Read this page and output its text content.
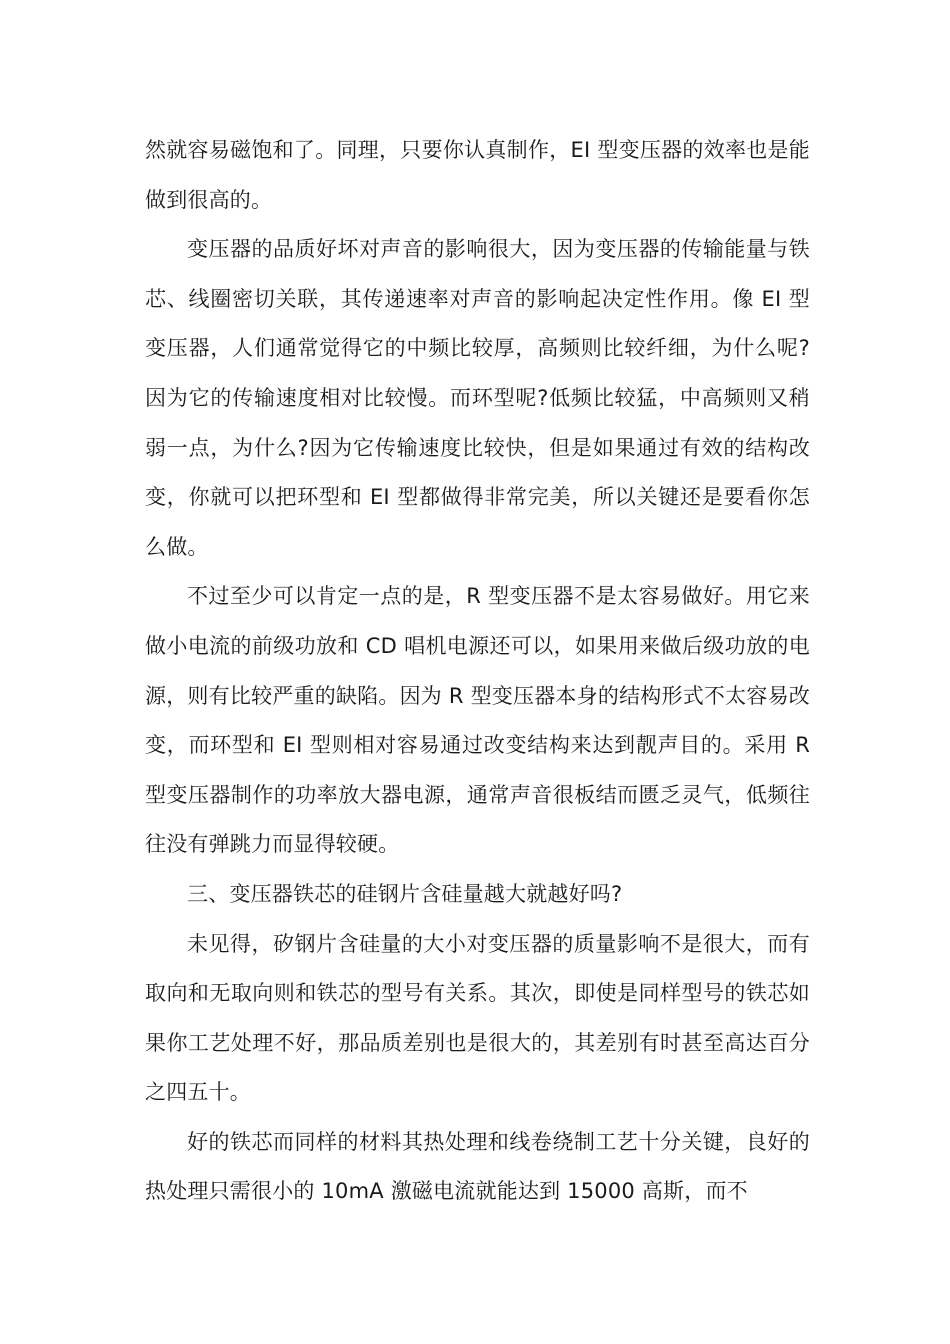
然就容易磁饱和了。同理，只要你认真制作，EI 型变压器的效率也是能做到很高的。

变压器的品质好坏对声音的影响很大，因为变压器的传输能量与铁芯、线圈密切关联，其传递速率对声音的影响起决定性作用。像 EI 型变压器，人们通常觉得它的中频比较厚，高频则比较纤细，为什么呢?因为它的传输速度相对比较慢。而环型呢?低频比较猛，中高频则又稍弱一点，为什么?因为它传输速度比较快，但是如果通过有效的结构改变，你就可以把环型和 EI 型都做得非常完美，所以关键还是要看你怎么做。

不过至少可以肯定一点的是，R 型变压器不是太容易做好。用它来做小电流的前级功放和 CD 唱机电源还可以，如果用来做后级功放的电源，则有比较严重的缺陷。因为 R 型变压器本身的结构形式不太容易改变，而环型和 EI 型则相对容易通过改变结构来达到靓声目的。采用 R 型变压器制作的功率放大器电源，通常声音很板结而匮乏灵气，低频往往没有弹跳力而显得较硬。

三、变压器铁芯的硅钢片含硅量越大就越好吗?

未见得，矽钢片含硅量的大小对变压器的质量影响不是很大，而有取向和无取向则和铁芯的型号有关系。其次，即使是同样型号的铁芯如果你工艺处理不好，那品质差别也是很大的，其差别有时甚至高达百分之四五十。

好的铁芯而同样的材料其热处理和线卷绕制工艺十分关键，良好的热处理只需很小的 10mA 激磁电流就能达到 15000 高斯，而不
